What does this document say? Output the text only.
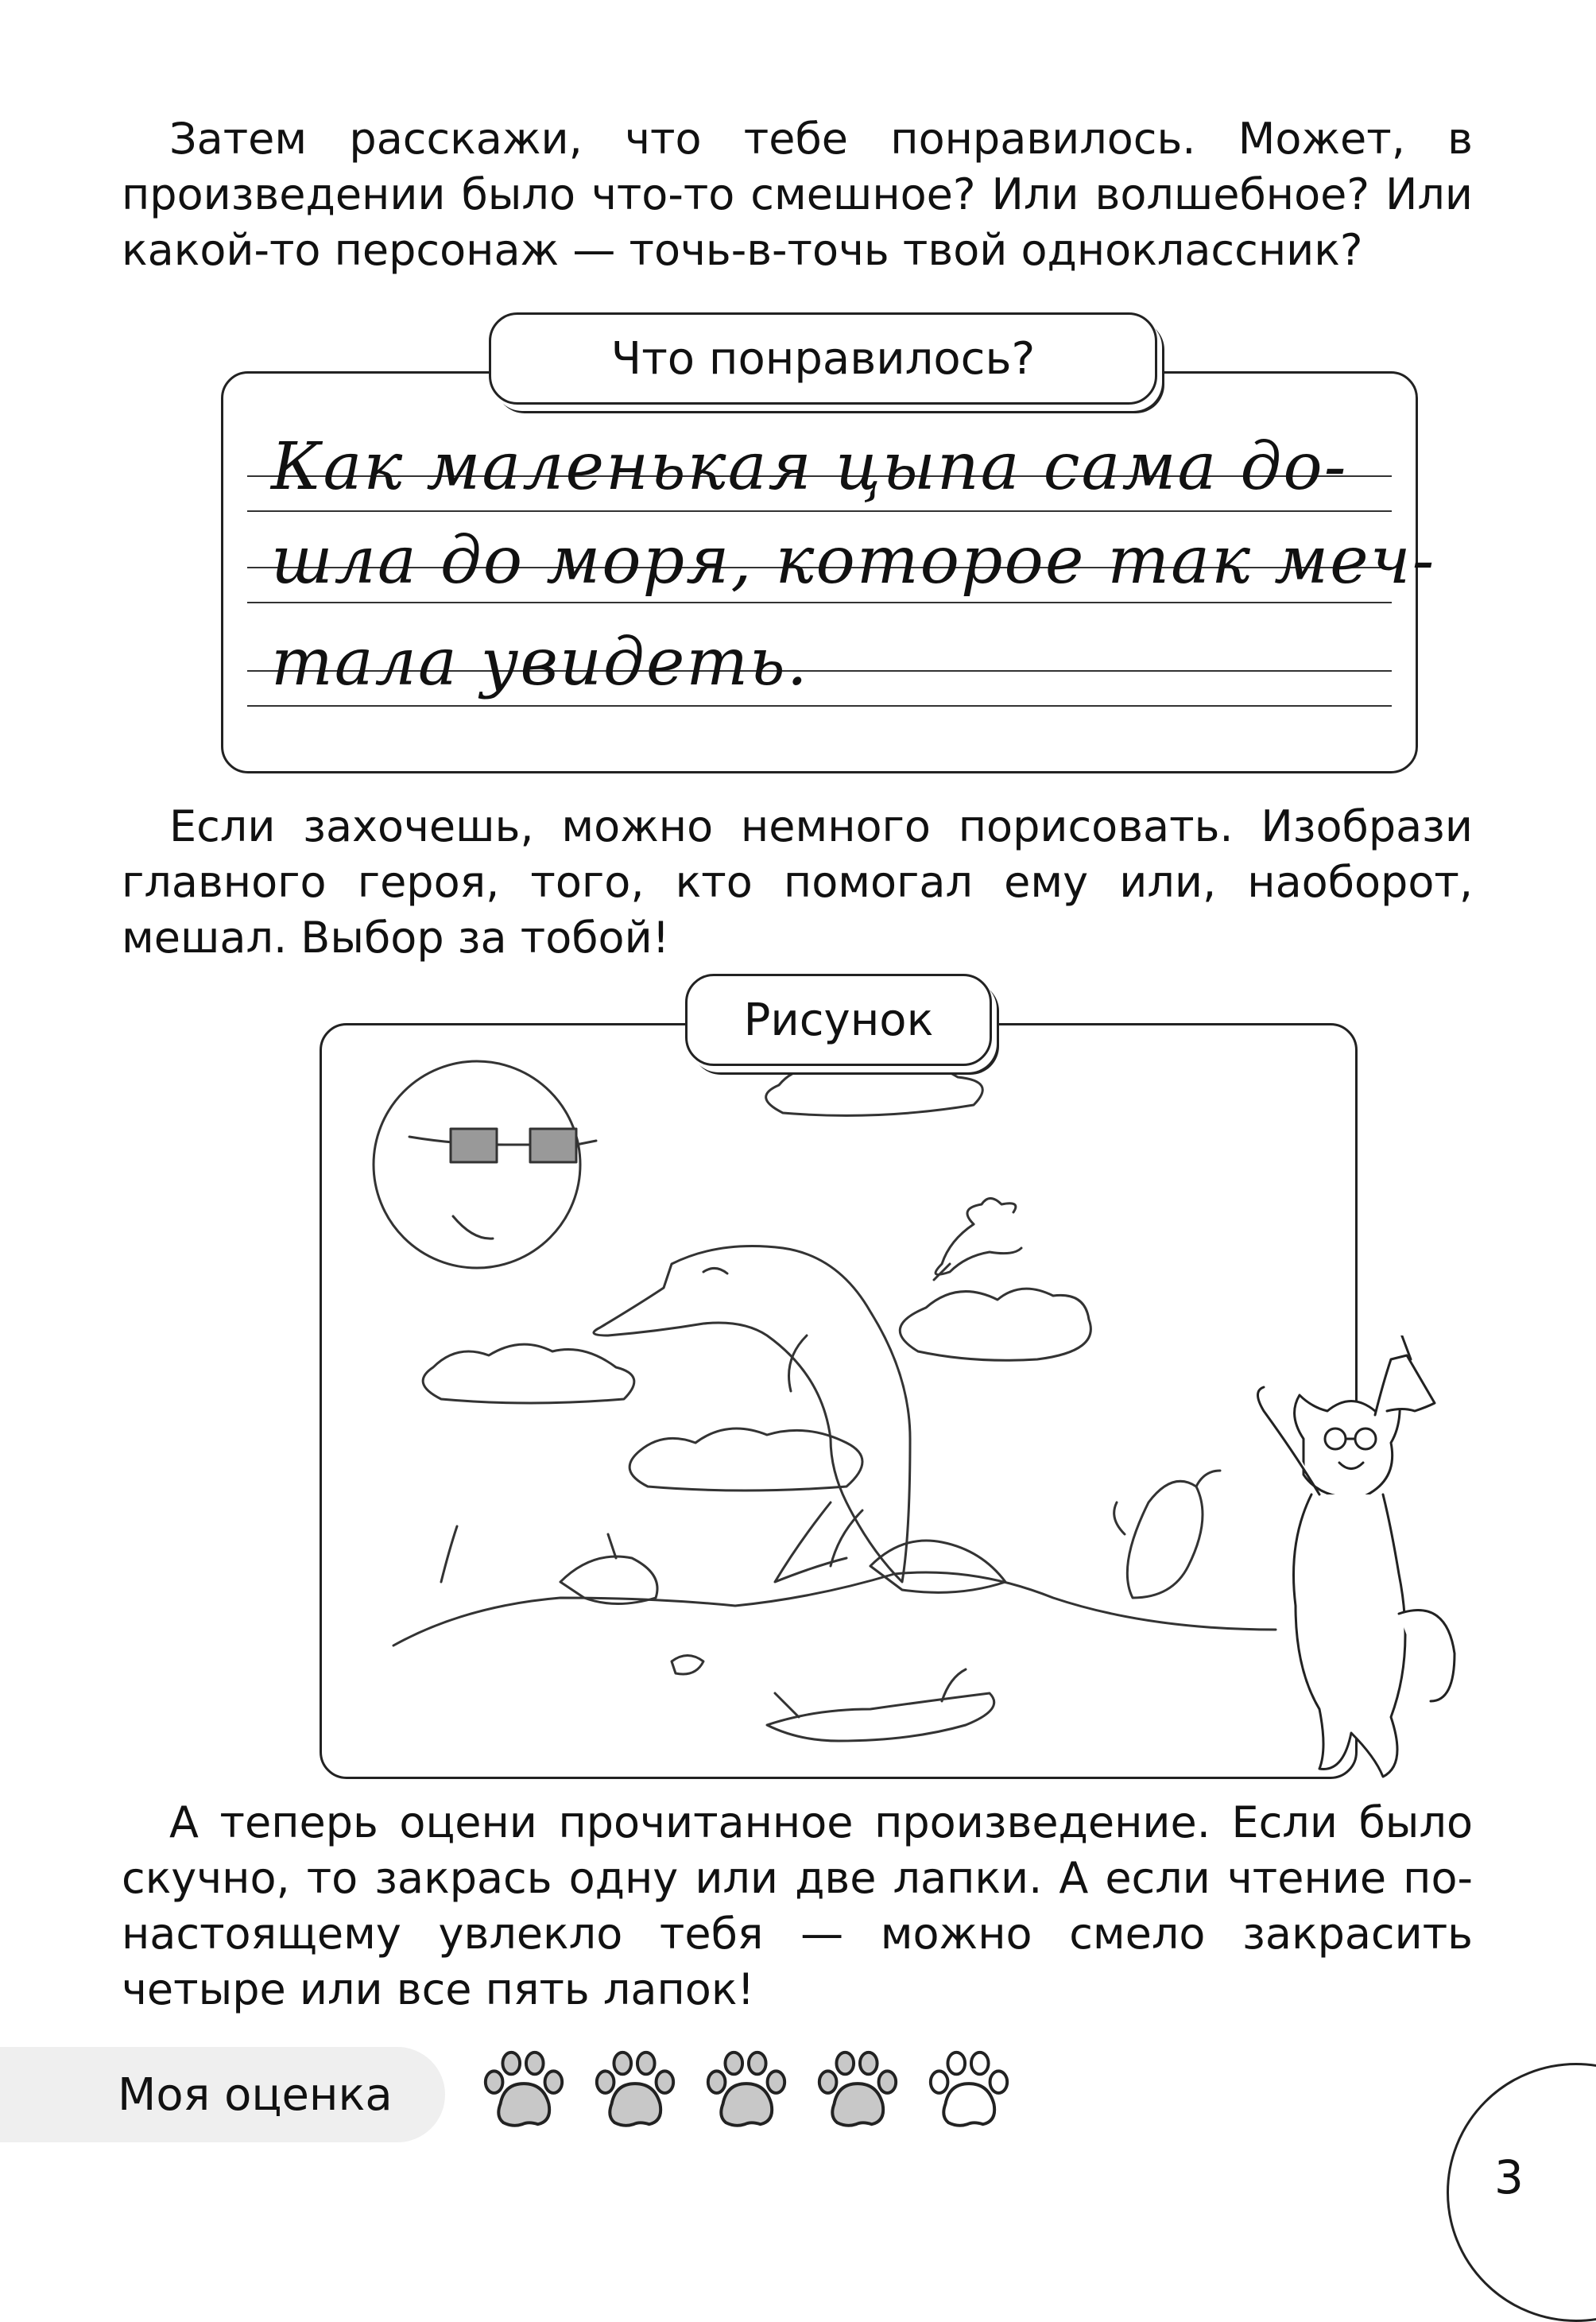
Затем расскажи, что тебе понравилось. Может, в произведении было что-то смешное? Или волшебное? Или какой-то персонаж — точь-в-точь твой одноклассник?

Как маленькая цыпа сама до-
шла до моря, которое так меч-
тала увидеть.
Что понравилось?

Если захочешь, можно немного порисовать. Изобрази главного героя, того, кто помогал ему или, наоборот, мешал. Выбор за тобой!

Рисунок

А теперь оцени прочитанное произведение. Если было скучно, то закрась одну или две лапки. А если чтение по-настоящему увлекло тебя — можно смело закрасить четыре или все пять лапок!

Моя оценка
3
